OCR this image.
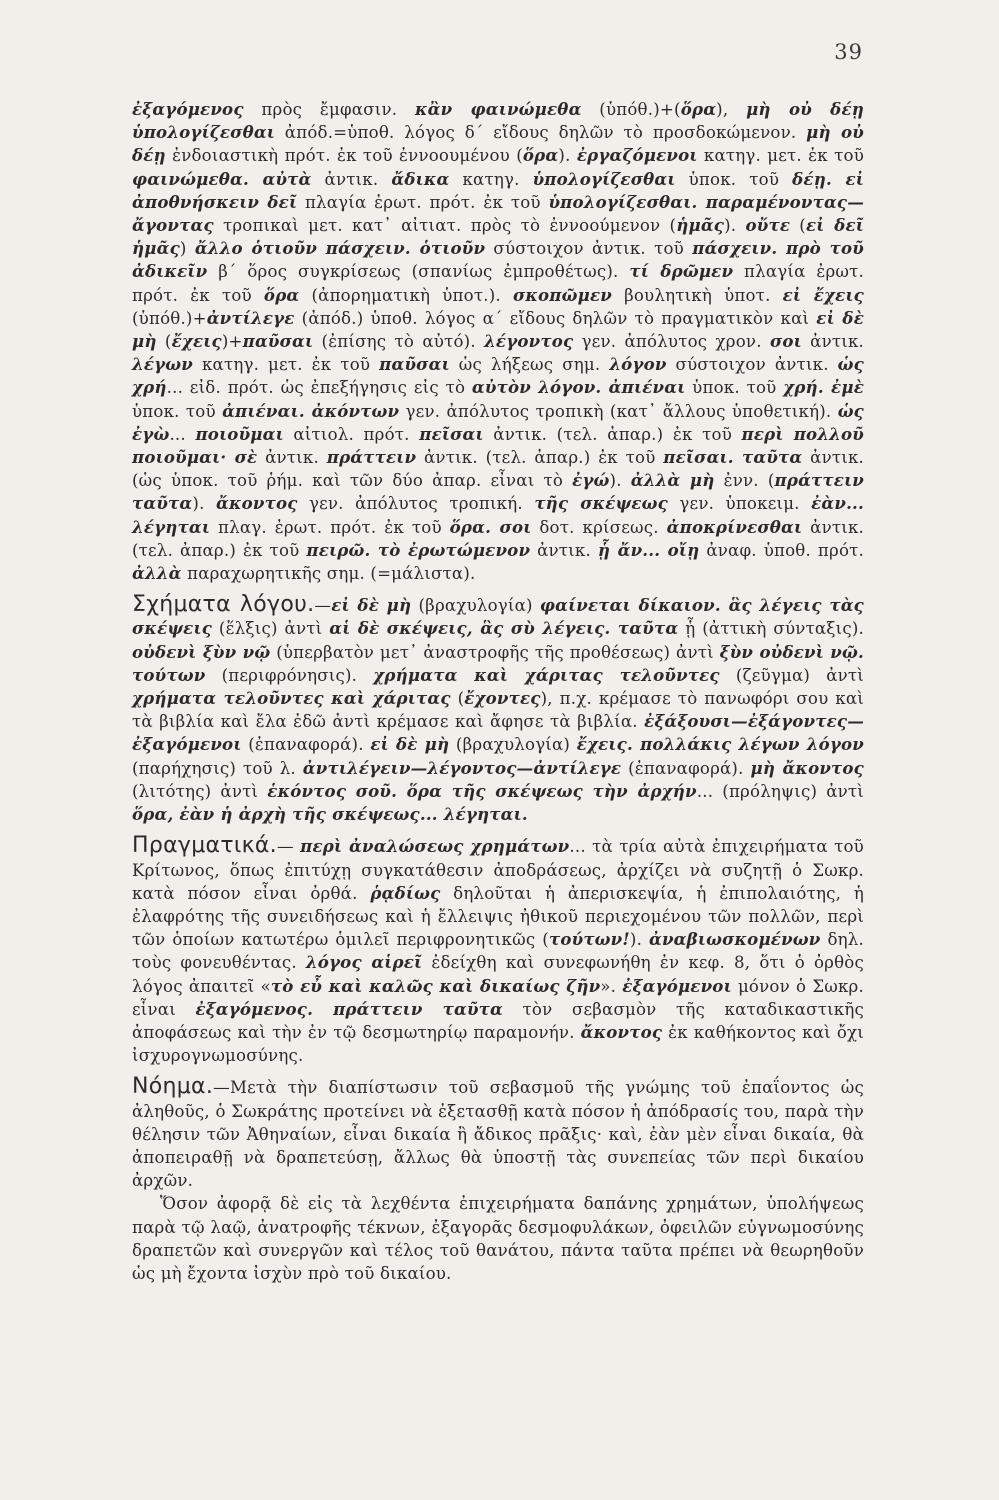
39

ἐξαγόμενος πρὸς ἔμφασιν. κἂν φαινώμεθα (ὑπόθ.)+(ὅρα), μὴ οὐ δέῃ ὑπολογίζεσθαι ἀπόδ.=ὑποθ. λόγος δ΄ εἴδους δηλῶν τὸ προσδοκώμενον. μὴ οὐ δέῃ ἐνδοιαστικὴ πρότ. ἐκ τοῦ ἐννοουμένου (ὅρα). ἐργαζόμενοι κατηγ. μετ. ἐκ τοῦ φαινώμεθα. αὐτὰ ἀντικ. ἄδικα κατηγ. ὑπολογίζεσθαι ὑποκ. τοῦ δέῃ. εἰ ἀποθνήσκειν δεῖ πλαγία ἐρωτ. πρότ. ἐκ τοῦ ὑπολογίζεσθαι. παραμένοντας—ἄγοντας τροπικαὶ μετ. κατ᾽ αἰτιατ. πρὸς τὸ ἐννοούμενον (ἡμᾶς). οὔτε (εἰ δεῖ ἡμᾶς) ἄλλο ὁτιοῦν πάσχειν. ὁτιοῦν σύστοιχον ἀντικ. τοῦ πάσχειν. πρὸ τοῦ ἀδικεῖν β΄ ὅρος συγκρίσεως (σπανίως ἐμπροθέτως). τί δρῶμεν πλαγία ἐρωτ. πρότ. ἐκ τοῦ ὅρα (ἀπορηματικὴ ὑποτ.). σκοπῶμεν βουλητικὴ ὑποτ. εἰ ἔχεις (ὑπόθ.)+ἀντίλεγε (ἀπόδ.) ὑποθ. λόγος α΄ εἴδους δηλῶν τὸ πραγματικὸν καὶ εἰ δὲ μὴ (ἔχεις)+παῦσαι (ἐπίσης τὸ αὐτό). λέγοντος γεν. ἀπόλυτος χρον. σοι ἀντικ. λέγων κατηγ. μετ. ἐκ τοῦ παῦσαι ὡς λήξεως σημ. λόγον σύστοιχον ἀντικ. ὡς χρή... εἰδ. πρότ. ὡς ἐπεξήγησις εἰς τὸ αὐτὸν λόγον. ἀπιέναι ὑποκ. τοῦ χρή. ἐμὲ ὑποκ. τοῦ ἀπιέναι. ἀκόντων γεν. ἀπόλυτος τροπικὴ (κατ᾽ ἄλλους ὑποθετική). ὡς ἐγὼ... ποιοῦμαι αἰτιολ. πρότ. πεῖσαι ἀντικ. (τελ. ἀπαρ.) ἐκ τοῦ περὶ πολλοῦ ποιοῦμαι· σὲ ἀντικ. πράττειν ἀντικ. (τελ. ἀπαρ.) ἐκ τοῦ πεῖσαι. ταῦτα ἀντικ. (ὡς ὑποκ. τοῦ ῥήμ. καὶ τῶν δύο ἀπαρ. εἶναι τὸ ἐγώ). ἀλλὰ μὴ ἐνν. (πράττειν ταῦτα). ἄκοντος γεν. ἀπόλυτος τροπική. τῆς σκέψεως γεν. ὑποκειμ. ἐὰν... λέγηται πλαγ. ἐρωτ. πρότ. ἐκ τοῦ ὅρα. σοι δοτ. κρίσεως. ἀποκρίνεσθαι ἀντικ. (τελ. ἀπαρ.) ἐκ τοῦ πειρῶ. τὸ ἐρωτώμενον ἀντικ. ᾗ ἄν... οἴῃ ἀναφ. ὑποθ. πρότ. ἀλλὰ παραχωρητικῆς σημ. (=μάλιστα).

Σχήματα λόγου.—εἰ δὲ μὴ (βραχυλογία) φαίνεται δίκαιον. ἃς λέγεις τὰς σκέψεις (ἕλξις) ἀντὶ αἱ δὲ σκέψεις, ἃς σὺ λέγεις. ταῦτα ᾗ (ἀττικὴ σύνταξις). οὐδενὶ ξὺν νῷ (ὑπερβατὸν μετ᾽ ἀναστροφῆς τῆς προθέσεως) ἀντὶ ξὺν οὐδενὶ νῷ. τούτων (περιφρόνησις). χρήματα καὶ χάριτας τελοῦντες (ζεῦγμα) ἀντὶ χρήματα τελοῦντες καὶ χάριτας (ἔχοντες), π.χ. κρέμασε τὸ πανωφόρι σου καὶ τὰ βιβλία καὶ ἔλα ἐδῶ ἀντὶ κρέμασε καὶ ἄφησε τὰ βιβλία. ἐξάξουσι—ἐξάγοντες—ἐξαγόμενοι (ἐπαναφορά). εἰ δὲ μὴ (βραχυλογία) ἔχεις. πολλάκις λέγων λόγον (παρήχησις) τοῦ λ. ἀντιλέγειν—λέγοντος—ἀντίλεγε (ἐπαναφορά). μὴ ἄκοντος (λιτότης) ἀντὶ ἑκόντος σοῦ. ὅρα τῆς σκέψεως τὴν ἀρχήν... (πρόληψις) ἀντὶ ὅρα, ἐὰν ἡ ἀρχὴ τῆς σκέψεως... λέγηται.

Πραγματικά.— περὶ ἀναλώσεως χρημάτων... τὰ τρία αὐτὰ ἐπιχειρήματα τοῦ Κρίτωνος, ὅπως ἐπιτύχῃ συγκατάθεσιν ἀποδράσεως, ἀρχίζει νὰ συζητῇ ὁ Σωκρ. κατὰ πόσον εἶναι ὀρθά. ῥᾳδίως δηλοῦται ἡ ἀπερισκεψία, ἡ ἐπιπολαιότης, ἡ ἐλαφρότης τῆς συνειδήσεως καὶ ἡ ἔλλειψις ἠθικοῦ περιεχομένου τῶν πολλῶν, περὶ τῶν ὁποίων κατωτέρω ὁμιλεῖ περιφρονητικῶς (τούτων!). ἀναβιωσκομένων δηλ. τοὺς φονευθέντας. λόγος αἱρεῖ ἐδείχθη καὶ συνεφωνήθη ἐν κεφ. 8, ὅτι ὁ ὀρθὸς λόγος ἀπαιτεῖ «τὸ εὖ καὶ καλῶς καὶ δικαίως ζῆν». ἐξαγόμενοι μόνον ὁ Σωκρ. εἶναι ἐξαγόμενος. πράττειν ταῦτα τὸν σεβασμὸν τῆς καταδικαστικῆς ἀποφάσεως καὶ τὴν ἐν τῷ δεσμωτηρίῳ παραμονήν. ἄκοντος ἐκ καθήκοντος καὶ ὄχι ἰσχυρογνωμοσύνης.

Νόημα.—Μετὰ τὴν διαπίστωσιν τοῦ σεβασμοῦ τῆς γνώμης τοῦ ἐπαΐοντος ὡς ἀληθοῦς, ὁ Σωκράτης προτείνει νὰ ἐξετασθῇ κατὰ πόσον ἡ ἀπόδρασίς του, παρὰ τὴν θέλησιν τῶν Ἀθηναίων, εἶναι δικαία ἢ ἄδικος πρᾶξις· καὶ, ἐὰν μὲν εἶναι δικαία, θὰ ἀποπειραθῇ νὰ δραπετεύσῃ, ἄλλως θὰ ὑποστῇ τὰς συνεπείας τῶν περὶ δικαίου ἀρχῶν.

Ὅσον ἀφορᾷ δὲ εἰς τὰ λεχθέντα ἐπιχειρήματα δαπάνης χρημάτων, ὑπολήψεως παρὰ τῷ λαῷ, ἀνατροφῆς τέκνων, ἐξαγορᾶς δεσμοφυλάκων, ὀφειλῶν εὐγνωμοσύνης δραπετῶν καὶ συνεργῶν καὶ τέλος τοῦ θανάτου, πάντα ταῦτα πρέπει νὰ θεωρηθοῦν ὡς μὴ ἔχοντα ἰσχὺν πρὸ τοῦ δικαίου.
